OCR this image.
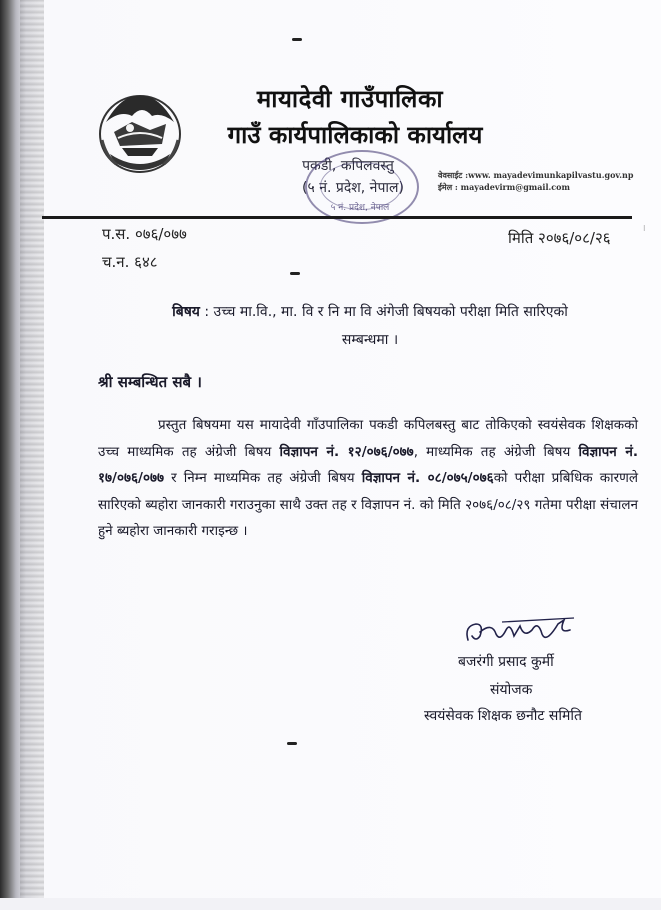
मायादेवी गाउँपालिका
गाउँ कार्यपालिकाको कार्यालय
पकडी, कपिलवस्तु
(५ नं. प्रदेश, नेपाल)
५ नं. प्रदेश, नेपाल
वेवसाईट :www. mayadevimunkapilvastu.gov.np
ईमेल : mayadevirm@gmail.com
⁝
प.स. ०७६/०७७	मिति २०७६/०८/२६
च.न. ६४८
बिषय : उच्च मा.वि., मा. वि र नि मा वि अंगेजी बिषयको परीक्षा मिति सारिएको
सम्बन्धमा ।
श्री सम्बन्धित सबै ।
प्रस्तुत बिषयमा यस मायादेवी गाँउपालिका पकडी कपिलबस्तु बाट तोकिएको स्वयंसेवक शिक्षकको उच्च माध्यमिक तह अंग्रेजी बिषय विज्ञापन नं. १२/०७६/०७७, माध्यमिक तह अंग्रेजी बिषय विज्ञापन नं. १७/०७६/०७७ र निम्न माध्यमिक तह अंग्रेजी बिषय विज्ञापन नं. ०८/०७५/०७६को परीक्षा प्रबिधिक कारणले सारिएको ब्यहोरा जानकारी गराउनुका साथै उक्त तह र विज्ञापन नं. को मिति २०७६/०८/२९ गतेमा परीक्षा संचालन हुने ब्यहोरा जानकारी गराइन्छ ।
बजरंगी प्रसाद कुर्मी
संयोजक
स्वयंसेवक शिक्षक छनौट समिति
